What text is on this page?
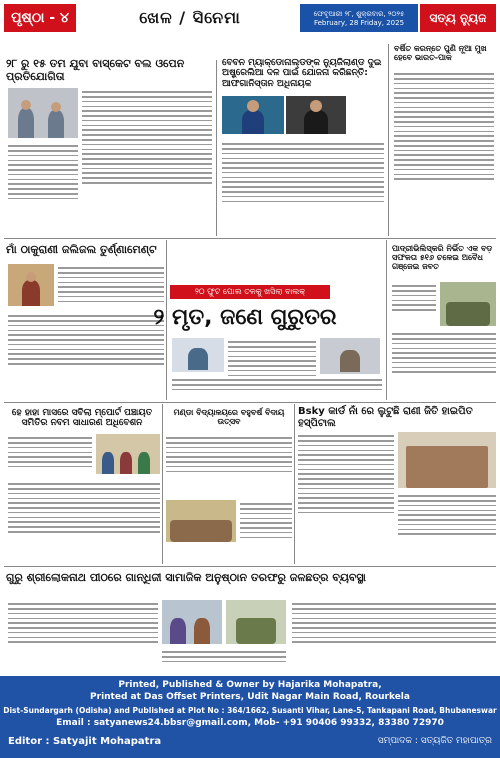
ପୃଷ୍ଠା - ୪	ଖେଳ / ସିନେମା	ଫେବୃଆରୀ ୨୮, ଶୁକ୍ରବାର, ୨୦୨୫
February, 28 Friday, 2025	ସତ୍ୟ ନ୍ୟୁଜ
୨୮ ରୁ ୧୫ ତମ ଯୁବା ବାସ୍କେଟ ବଲ ଓପେନ ପ୍ରତିଯୋଗିତା
ବେବନ ମ୍ୟାକ୍ଡୋନାଲ୍ଡଙ୍କ ନ୍ୟୁଜିଲାଣ୍ଡ ଦୁଇ ଅଷ୍ଟ୍ରେଲିଆ ଦଳ ପାଇଁ ଯୋଜନା କରିଛନ୍ତି: ଆଫଗାନିସ୍ତାନ ଅଧିନାୟକ
ବର୍ଷିତ କରନ୍ତେ ପୁଣି ନୂଆ ମୁଖ ହେବେ ଭାରତ-ପାକ
ମାଁ ଠାକୁରାଣୀ ଜଲିଜଲ ତୁର୍ଣ୍ଣାମେଣ୍ଟ
୨୦ ଫୁଟ ପୋଲ ତଳକୁ ଖସିଲା ବାଲକ୍
୨ ମୃତ, ଜଣେ ଗୁରୁତର
ପାଦ୍ରୀଭିଲିସ୍କରି ନିର୍ଭିତ ଏକ ବଡ଼ ସଫଳତା ୫୧୬ ଚଳେଇ ଅବୈଧ ଗଞ୍ଜେଇ ଜବତ
ହେ ହାହା ମାସରେ ସବିଲା ମ୍ପୋର୍ଟ ପଞ୍ଚାୟତ ସମିତିର ନବମ ସାଧାରଣ ଅଧିବେଶନ
ମଣ୍ଡା ବିଦ୍ୟାଳୟରେ ବହୁବର୍ଷ ବିଦାୟ ଉତ୍ସବ
Bsky କାର୍ଡ ନାଁ ରେ ଲୁଟୁଛି ରାଣୀ ଜିତି ହାଇପିତ ହସ୍ପିଟାଲ
ଗୁରୁ ଶ୍ରୀଲୋକନାଥ ପୀଠରେ ଗାନ୍ଧିଜୀ ସାମାଜିକ ଅନୁଷ୍ଠାନ ତରଫରୁ ଜଳଛତ୍ର ବ୍ୟବସ୍ଥା
Printed, Published & Owner by Hajarika Mohapatra,
Printed at Das Offset Printers, Udit Nagar Main Road, Rourkela
Dist-Sundargarh (Odisha) and Published at Plot No : 364/1662, Susanti Vihar, Lane-5, Tankapani Road, Bhubaneswar
Email : satyanews24.bbsr@gmail.com, Mob- +91 90406 99332, 83380 72970
Editor : Satyajit Mohapatra	ସମ୍ପାଦକ : ସତ୍ୟଜିତ ମହାପାତ୍ର
